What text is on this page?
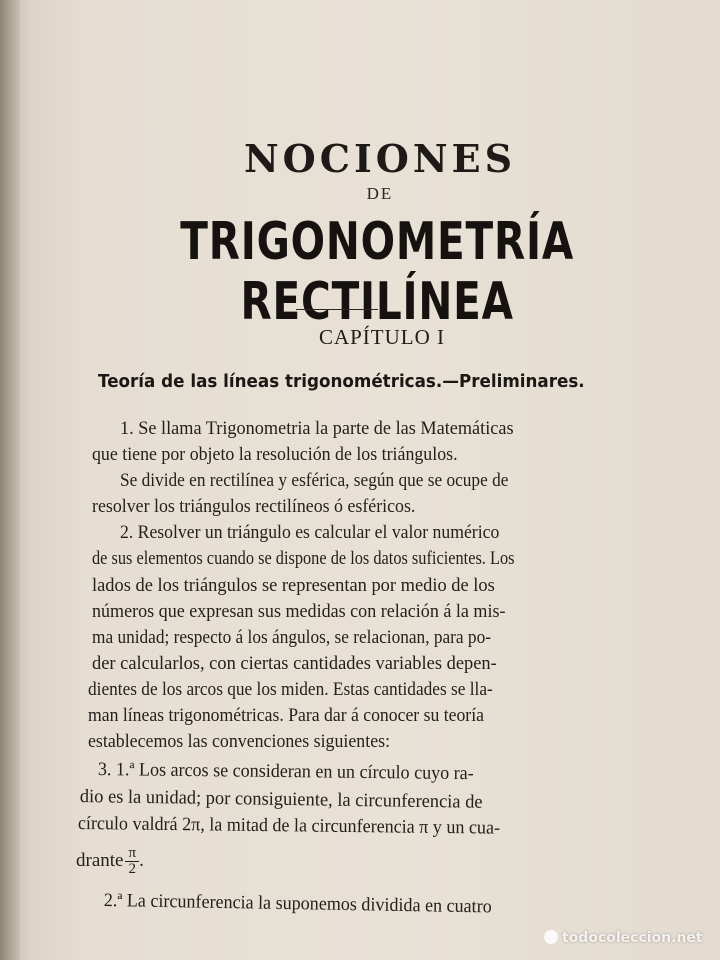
NOCIONES
DE
TRIGONOMETRÍA RECTILÍNEA
CAPÍTULO I
Teoría de las líneas trigonométricas.—Preliminares.
1. Se llama Trigonometria la parte de las Matemáticas
que tiene por objeto la resolución de los triángulos.
Se divide en rectilínea y esférica, según que se ocupe de
resolver los triángulos rectilíneos ó esféricos.
2. Resolver un triángulo es calcular el valor numérico
de sus elementos cuando se dispone de los datos suficientes. Los
lados de los triángulos se representan por medio de los
números que expresan sus medidas con relación á la mis-
ma unidad; respecto á los ángulos, se relacionan, para po-
der calcularlos, con ciertas cantidades variables depen-
dientes de los arcos que los miden. Estas cantidades se lla-
man líneas trigonométricas. Para dar á conocer su teoría
establecemos las convenciones siguientes:
3. 1.ª Los arcos se consideran en un círculo cuyo ra-
dio es la unidad; por consiguiente, la circunferencia de
círculo valdrá 2π, la mitad de la circunferencia π y un cua-
drante $\frac{\pi}{2}$ .
2.ª La circunferencia la suponemos dividida en cuatro
todocoleccion.net
